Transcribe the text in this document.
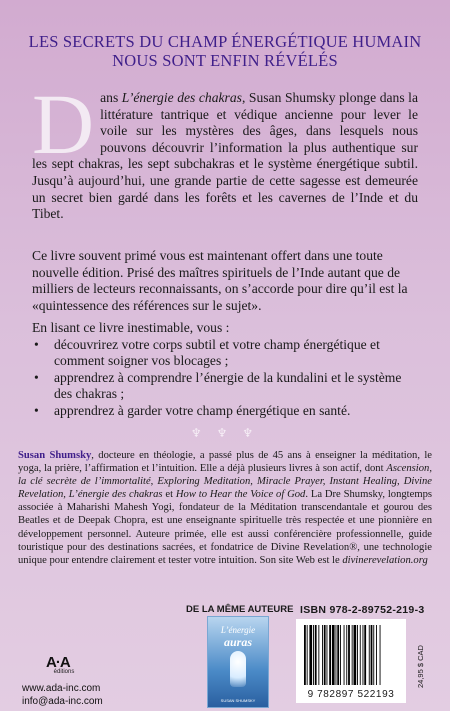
LES SECRETS DU CHAMP ÉNERGÉTIQUE HUMAIN
NOUS SONT ENFIN RÉVÉLÉS
Dans L’énergie des chakras, Susan Shumsky plonge dans la littérature tantrique et védique ancienne pour lever le voile sur les mystères des âges, dans lesquels nous pouvons découvrir l’information la plus authentique sur les sept chakras, les sept subchakras et le système énergétique subtil. Jusqu’à aujourd’hui, une grande partie de cette sagesse est demeurée un secret bien gardé dans les forêts et les cavernes de l’Inde et du Tibet.
Ce livre souvent primé vous est maintenant offert dans une toute nouvelle édition. Prisé des maîtres spirituels de l’Inde autant que de milliers de lecteurs reconnaissants, on s’accorde pour dire qu’il est la «quintessence des références sur le sujet».
En lisant ce livre inestimable, vous :
• découvrirez votre corps subtil et votre champ énergétique et comment soigner vos blocages ;
• apprendrez à comprendre l’énergie de la kundalini et le système des chakras ;
• apprendrez à garder votre champ énergétique en santé.
♆ ♆ ♆
Susan Shumsky, docteure en théologie, a passé plus de 45 ans à enseigner la méditation, le yoga, la prière, l’affirmation et l’intuition. Elle a déjà plusieurs livres à son actif, dont Ascension, la clé secrète de l’immortalité, Exploring Meditation, Miracle Prayer, Instant Healing, Divine Revelation, L’énergie des chakras et How to Hear the Voice of God. La Dre Shumsky, longtemps associée à Maharishi Mahesh Yogi, fondateur de la Méditation transcendantale et gourou des Beatles et de Deepak Chopra, est une enseignante spirituelle très respectée et une pionnière en développement personnel. Auteure primée, elle est aussi conférencière professionnelle, guide touristique pour des destinations sacrées, et fondatrice de Divine Revelation®, une technologie unique pour entendre clairement et tester votre intuition. Son site Web est le divinerevelation.org
A·A
éditions
www.ada-inc.com
info@ada-inc.com
DE LA MÊME AUTEURE
L’énergie
auras
SUSAN SHUMSKY
ISBN 978-2-89752-219-3
9 782897 522193
24,95 $ CAD
